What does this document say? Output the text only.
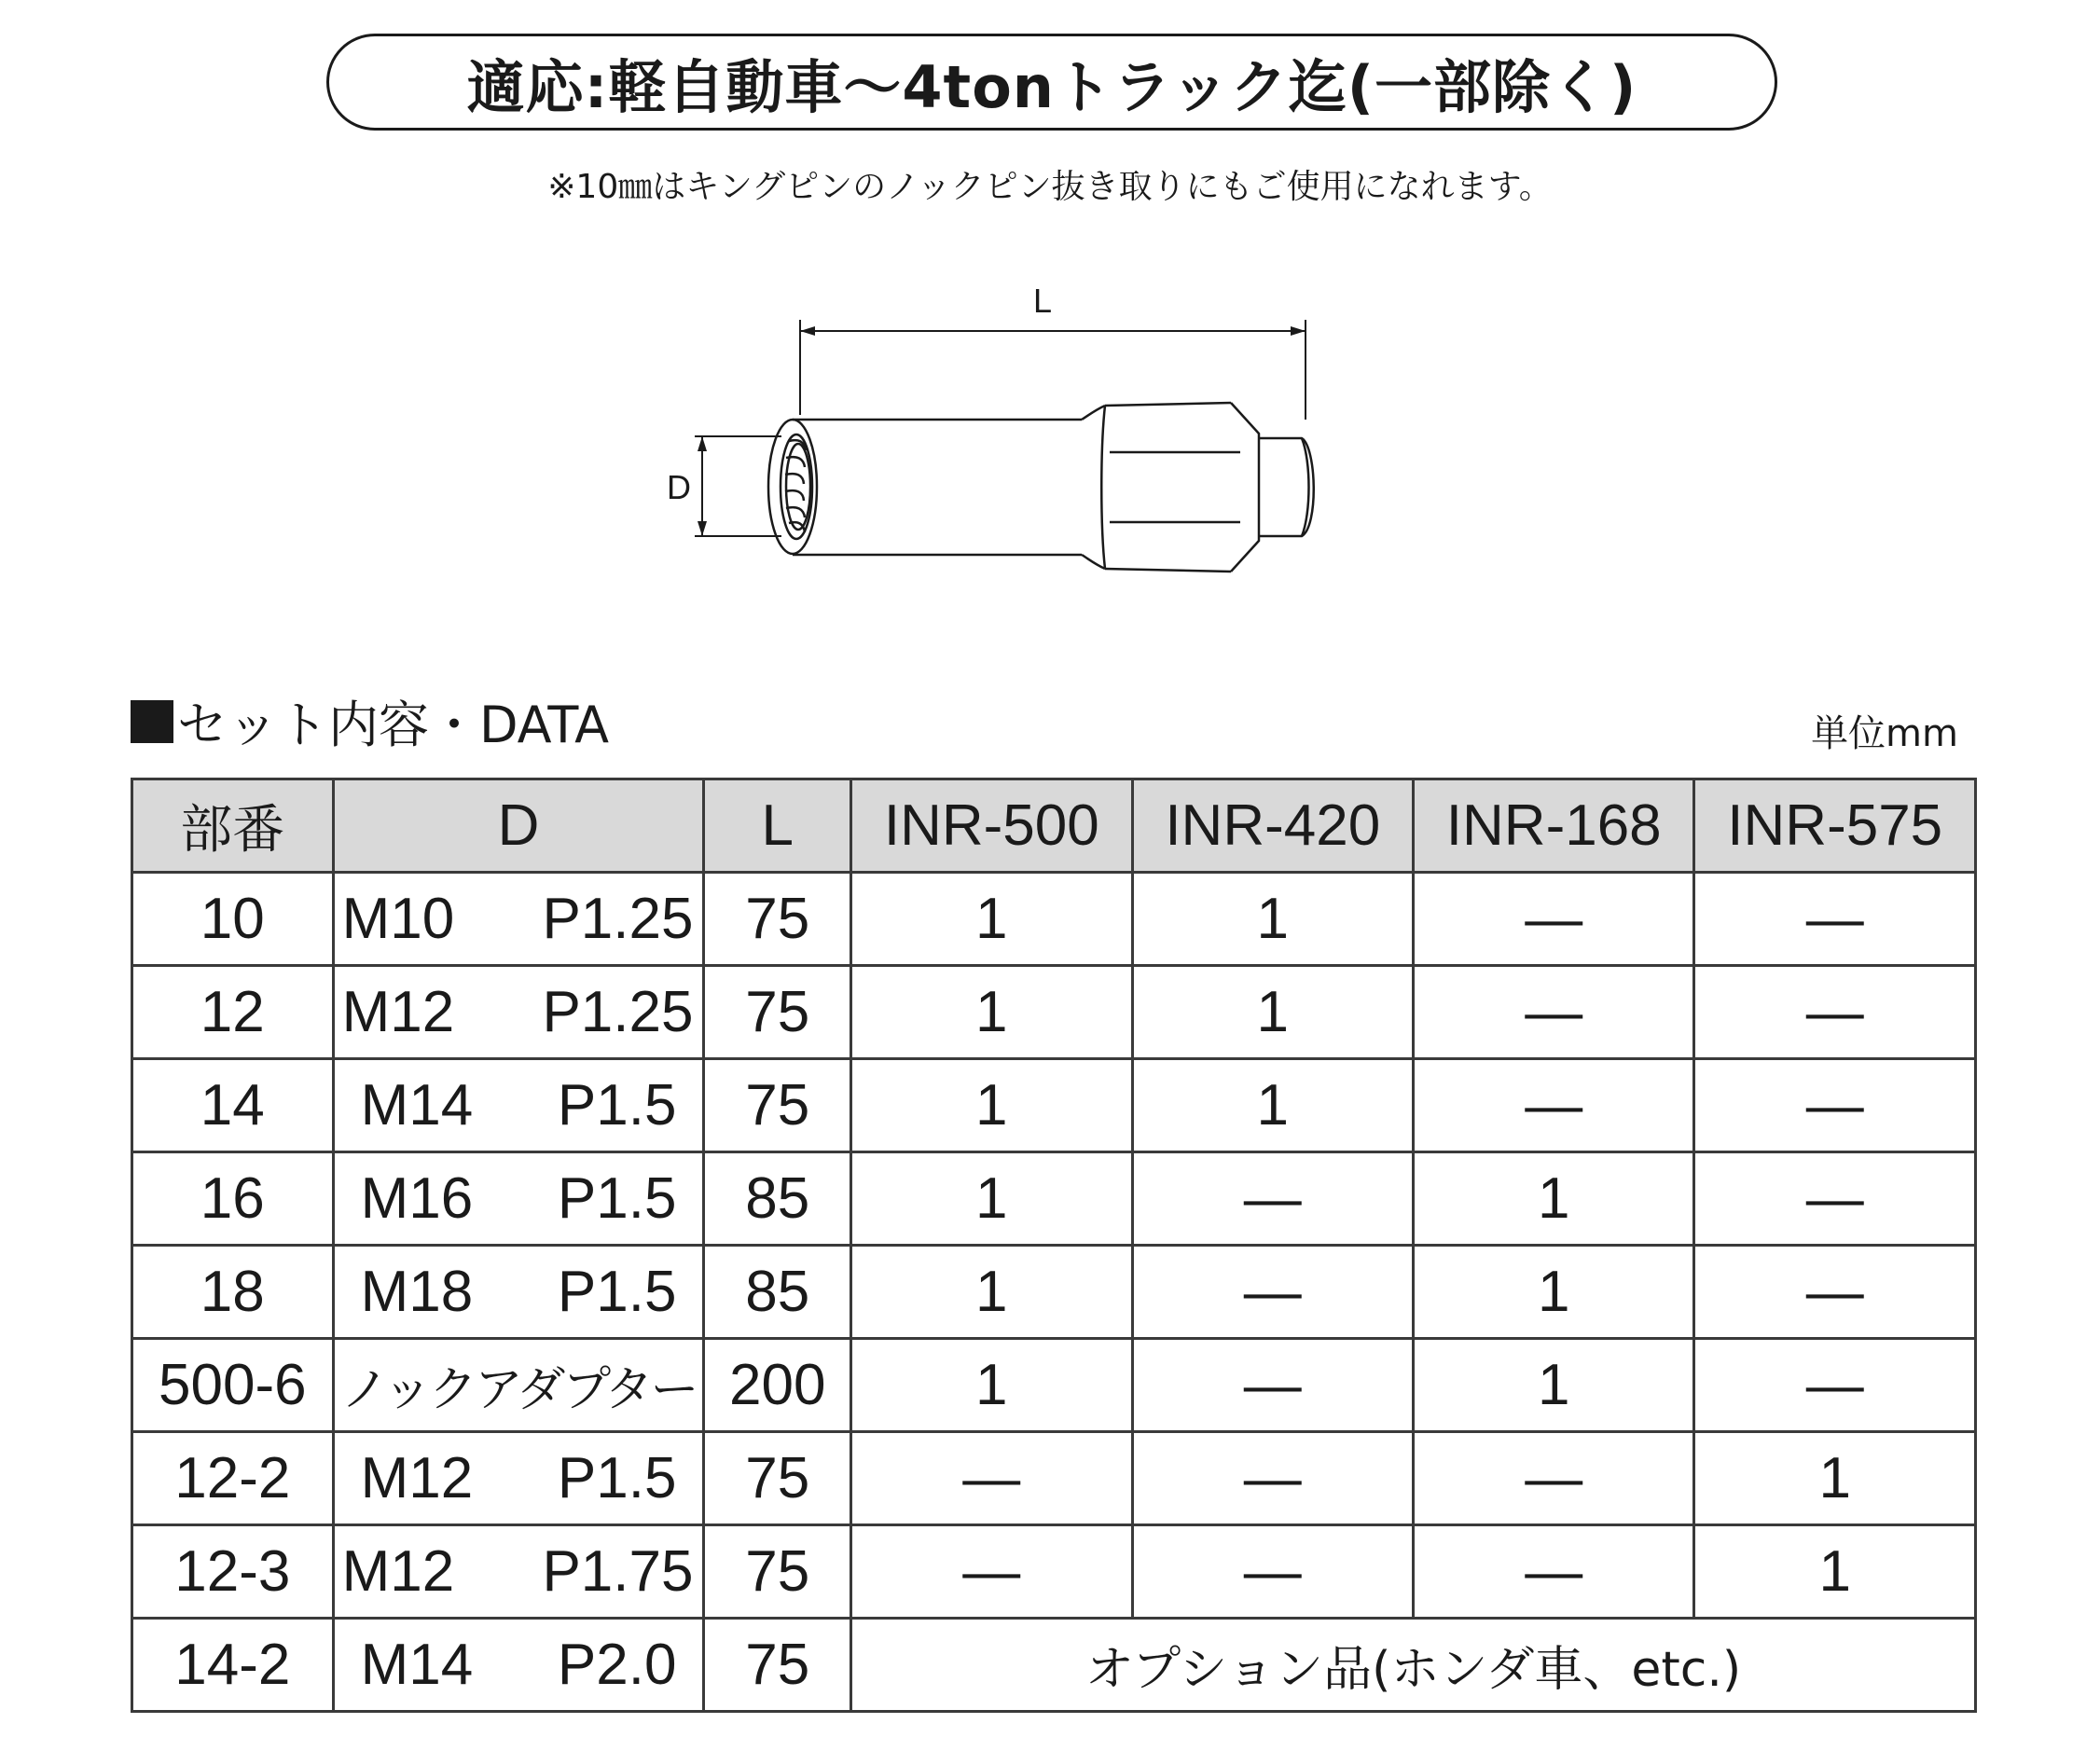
適応:軽自動車〜4tonトラック迄(一部除く)
※10㎜はキングピンのノックピン抜き取りにもご使用になれます。
L
D
セット内容・DATA	単位mm
部番	D	L	INR-500	INR-420	INR-168	INR-575
10	M10 P1.25	75	1	1	—	—
12	M12 P1.25	75	1	1	—	—
14	M14 P1.5	75	1	1	—	—
16	M16 P1.5	85	1	—	1	—
18	M18 P1.5	85	1	—	1	—
500-6	ノックアダプター	200	1	—	1	—
12-2	M12 P1.5	75	—	—	—	1
12-3	M12 P1.75	75	—	—	—	1
14-2	M14 P2.0	75	オプション品(ホンダ車、etc.)			
